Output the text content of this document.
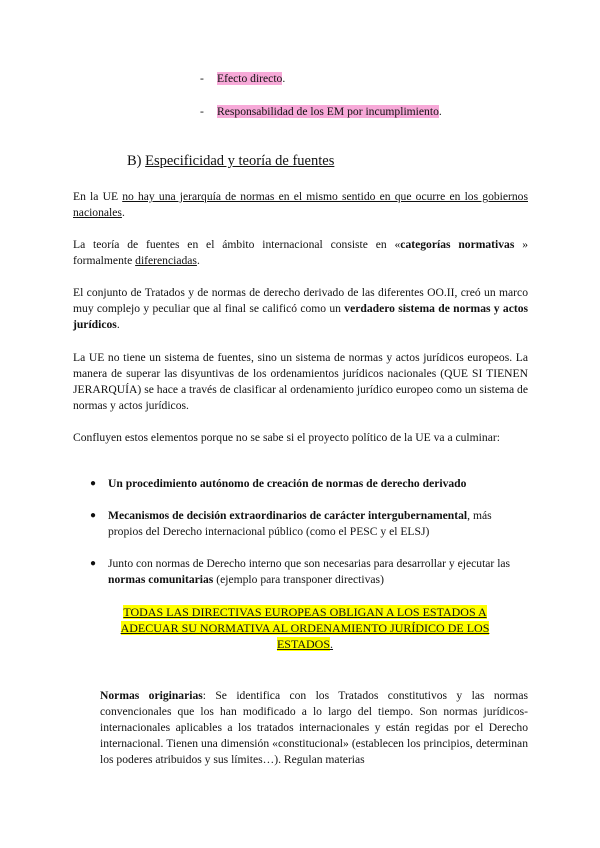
- Efecto directo.
- Responsabilidad de los EM por incumplimiento.
B) Especificidad y teoría de fuentes
En la UE no hay una jerarquía de normas en el mismo sentido en que ocurre en los gobiernos nacionales.
La teoría de fuentes en el ámbito internacional consiste en «categorías normativas » formalmente diferenciadas.
El conjunto de Tratados y de normas de derecho derivado de las diferentes OO.II, creó un marco muy complejo y peculiar que al final se calificó como un verdadero sistema de normas y actos jurídicos.
La UE no tiene un sistema de fuentes, sino un sistema de normas y actos jurídicos europeos. La manera de superar las disyuntivas de los ordenamientos jurídicos nacionales (QUE SI TIENEN JERARQUÍA) se hace a través de clasificar al ordenamiento jurídico europeo como un sistema de normas y actos jurídicos.
Confluyen estos elementos porque no se sabe si el proyecto político de la UE va a culminar:
● Un procedimiento autónomo de creación de normas de derecho derivado
● Mecanismos de decisión extraordinarios de carácter intergubernamental, más propios del Derecho internacional público (como el PESC y el ELSJ)
● Junto con normas de Derecho interno que son necesarias para desarrollar y ejecutar las normas comunitarias (ejemplo para transponer directivas)
TODAS LAS DIRECTIVAS EUROPEAS OBLIGAN A LOS ESTADOS A ADECUAR SU NORMATIVA AL ORDENAMIENTO JURÍDICO DE LOS ESTADOS.
Normas originarias: Se identifica con los Tratados constitutivos y las normas convencionales que los han modificado a lo largo del tiempo. Son normas jurídicos-internacionales aplicables a los tratados internacionales y están regidas por el Derecho internacional. Tienen una dimensión «constitucional» (establecen los principios, determinan los poderes atribuidos y sus límites…). Regulan materias
